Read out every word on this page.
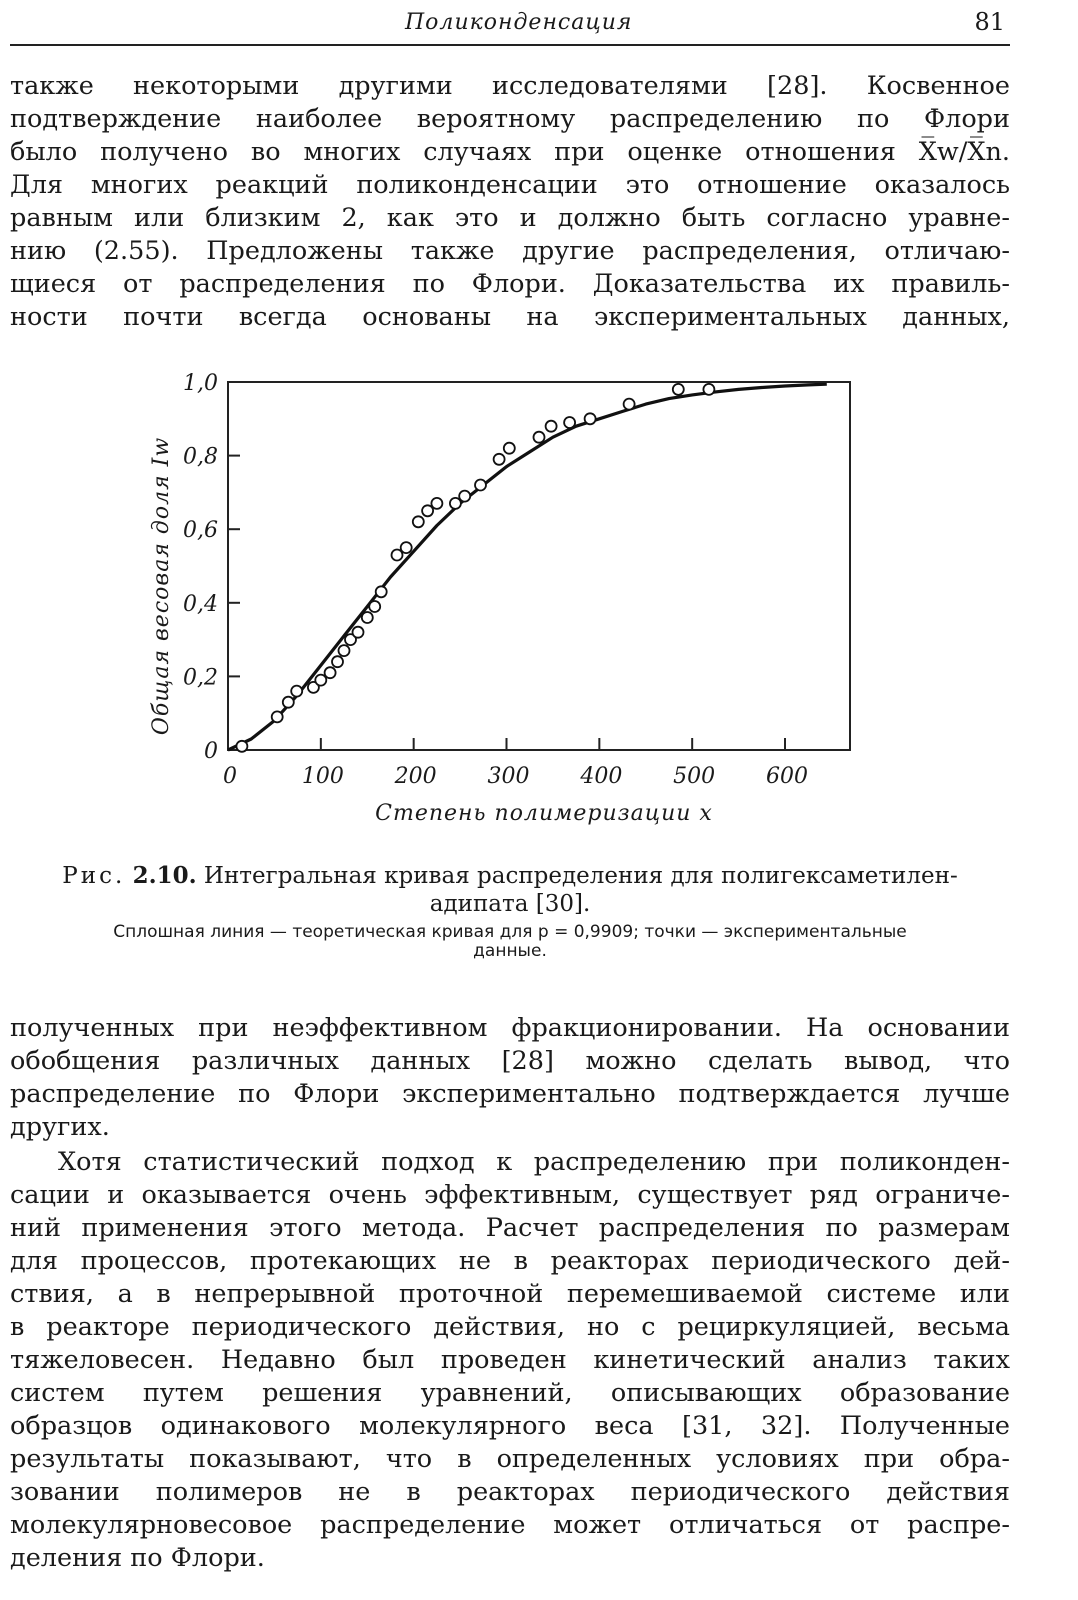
Поликонденсация	81
также некоторыми другими исследователями [28]. Косвенное
подтверждение наиболее вероятному распределению по Флори
было получено во многих случаях при оценке отношения X̅w/X̅n.
Для многих реакций поликонденсации это отношение оказалось
равным или близким 2, как это и должно быть согласно уравне-
нию (2.55). Предложены также другие распределения, отличаю-
щиеся от распределения по Флори. Доказательства их правиль-
ности почти всегда основаны на экспериментальных данных,
0	100 200 300 400 500 600
0
0,2
0,4
0,6
0,8
1,0
Степень полимеризации x
Общая весовая доля Iw

Рис. 2.10. Интегральная кривая распределения для полигексаметилен-
адипата [30].

Сплошная линия — теоретическая кривая для p = 0,9909; точки — экспериментальные
данные.

полученных при неэффективном фракционировании. На основании
обобщения различных данных [28] можно сделать вывод, что
распределение по Флори экспериментально подтверждается лучше
других.
Хотя статистический подход к распределению при поликонден-
сации и оказывается очень эффективным, существует ряд ограниче-
ний применения этого метода. Расчет распределения по размерам
для процессов, протекающих не в реакторах периодического дей-
ствия, а в непрерывной проточной перемешиваемой системе или
в реакторе периодического действия, но с рециркуляцией, весьма
тяжеловесен. Недавно был проведен кинетический анализ таких
систем путем решения уравнений, описывающих образование
образцов одинакового молекулярного веса [31, 32]. Полученные
результаты показывают, что в определенных условиях при обра-
зовании полимеров не в реакторах периодического действия
молекулярновесовое распределение может отличаться от распре-
деления по Флори.
